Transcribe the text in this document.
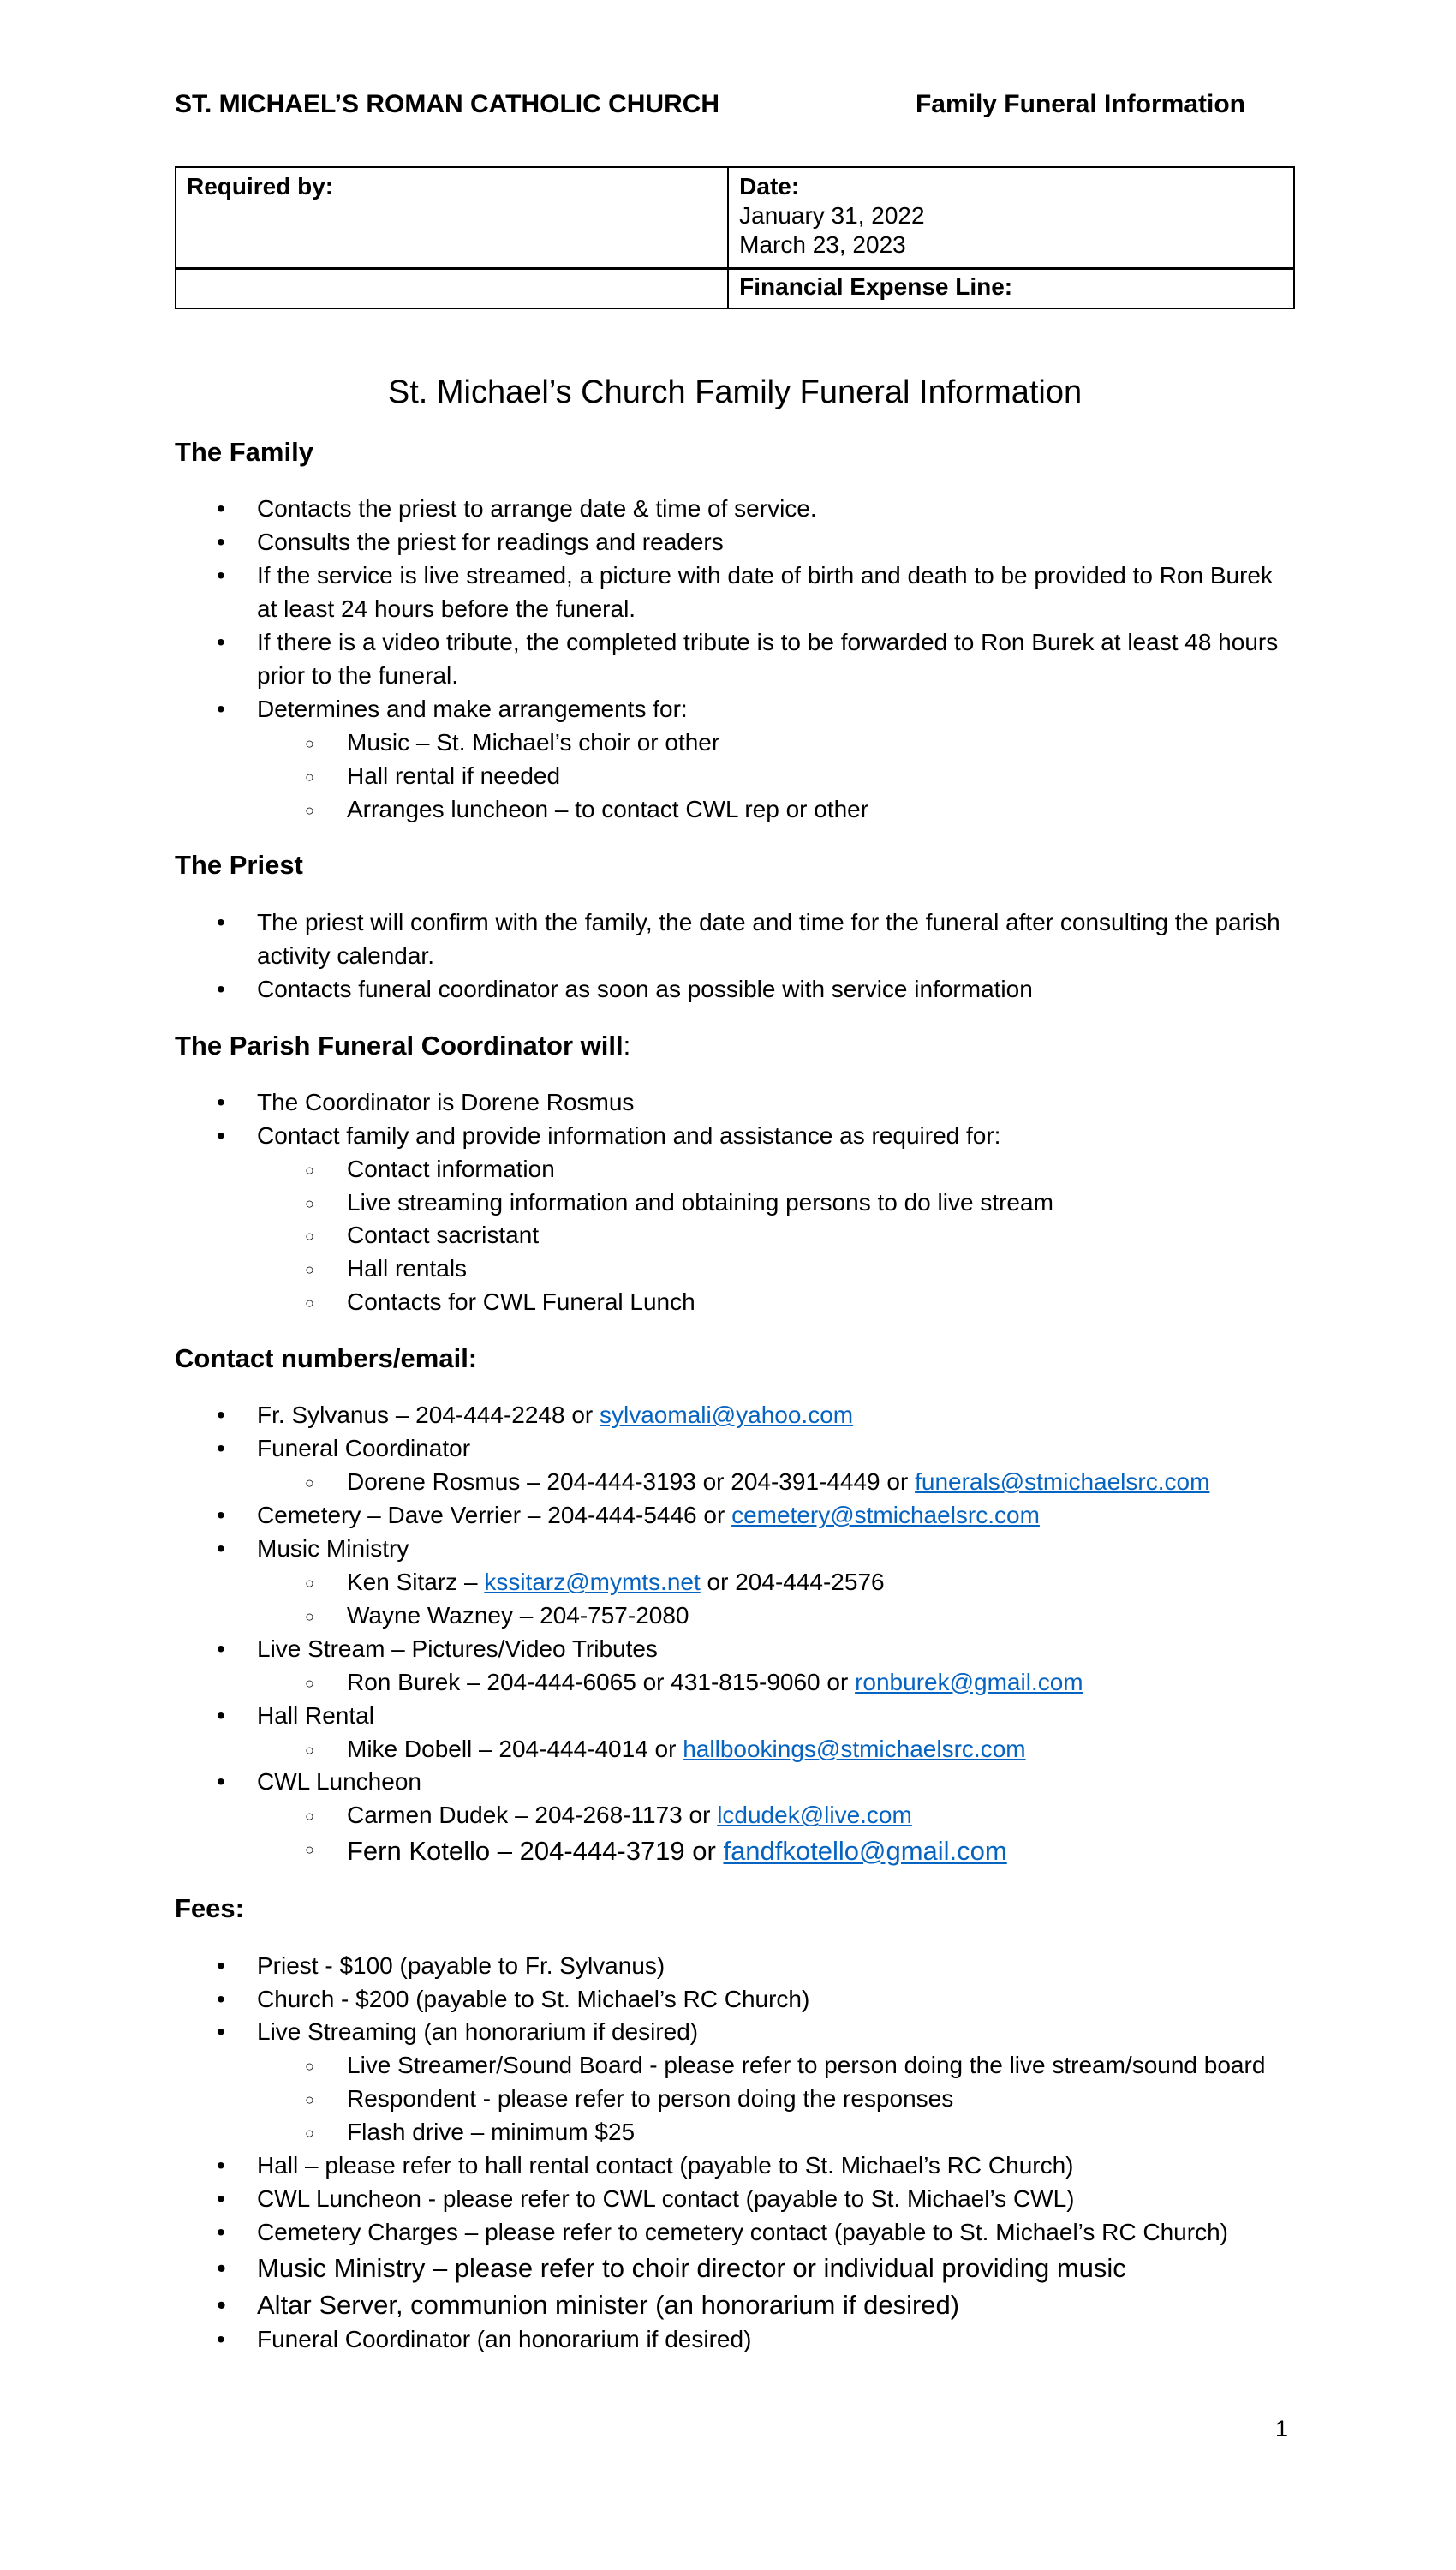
ST. MICHAEL’S ROMAN CATHOLIC CHURCH	Family Funeral Information
Required by:	Date:
January 31, 2022
March 23, 2023

	Financial Expense Line:
St. Michael’s Church Family Funeral Information
The Family
• Contacts the priest to arrange date & time of service.
• Consults the priest for readings and readers
• If the service is live streamed, a picture with date of birth and death to be provided to Ron Burek at least 24 hours before the funeral.
• If there is a video tribute, the completed tribute is to be forwarded to Ron Burek at least 48 hours prior to the funeral.
• Determines and make arrangements for:
○ Music – St. Michael’s choir or other
○ Hall rental if needed
○ Arranges luncheon – to contact CWL rep or other
The Priest
• The priest will confirm with the family, the date and time for the funeral after consulting the parish activity calendar.
• Contacts funeral coordinator as soon as possible with service information
The Parish Funeral Coordinator will:
• The Coordinator is Dorene Rosmus
• Contact family and provide information and assistance as required for:
○ Contact information
○ Live streaming information and obtaining persons to do live stream
○ Contact sacristant
○ Hall rentals
○ Contacts for CWL Funeral Lunch
Contact numbers/email:
• Fr. Sylvanus – 204-444-2248 or sylvaomali@yahoo.com
• Funeral Coordinator
○ Dorene Rosmus – 204-444-3193 or 204-391-4449 or funerals@stmichaelsrc.com
• Cemetery – Dave Verrier – 204-444-5446 or cemetery@stmichaelsrc.com
• Music Ministry
○ Ken Sitarz – kssitarz@mymts.net or 204-444-2576
○ Wayne Wazney – 204-757-2080
• Live Stream – Pictures/Video Tributes
○ Ron Burek – 204-444-6065 or 431-815-9060 or ronburek@gmail.com
• Hall Rental
○ Mike Dobell – 204-444-4014 or hallbookings@stmichaelsrc.com
• CWL Luncheon
○ Carmen Dudek – 204-268-1173 or lcdudek@live.com
○ Fern Kotello – 204-444-3719 or fandfkotello@gmail.com
Fees:
• Priest - $100 (payable to Fr. Sylvanus)
• Church - $200 (payable to St. Michael’s RC Church)
• Live Streaming (an honorarium if desired)
○ Live Streamer/Sound Board - please refer to person doing the live stream/sound board
○ Respondent - please refer to person doing the responses
○ Flash drive – minimum $25
• Hall – please refer to hall rental contact (payable to St. Michael’s RC Church)
• CWL Luncheon - please refer to CWL contact (payable to St. Michael’s CWL)
• Cemetery Charges – please refer to cemetery contact (payable to St. Michael’s RC Church)
• Music Ministry – please refer to choir director or individual providing music
• Altar Server, communion minister (an honorarium if desired)
• Funeral Coordinator (an honorarium if desired)
1
